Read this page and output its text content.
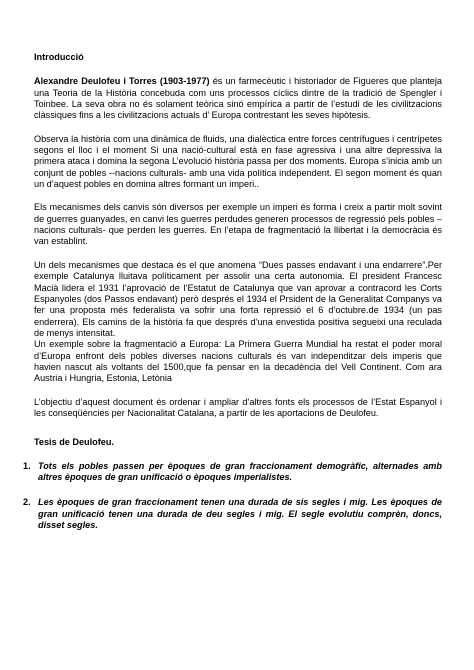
Introducció

Alexandre Deulofeu i Torres (1903-1977) és un farmecèutic i historiador de Figueres que planteja una Teoria de la Història concebuda com uns processos cíclics dintre de la tradició de Spengler i Toinbee. La seva obra no és solament teòrica sinó empírica a partir de l’estudi de les civilitzacions clàssiques fins a les civilitzacions actuals d’ Europa contrestant les seves hipòtesis.

Observa la història com una dinàmica de fluids, una dialèctica entre forces centrífugues i centrípetes segons el lloc i el moment Si una nació-cultural està en fase agressiva i una altre depressiva la primera ataca i domina la segona L’evolució història passa per dos moments. Europa s’inicia amb un conjunt de pobles --nacions culturals- amb una vida política independent. El segon moment és quan un d’aquest pobles en domina altres formant un imperi..

Els mecanismes dels canvis són diversos per exemple un imperi és forma i creix a partir molt sovint de guerres guanyades, en canvi les guerres perdudes generen processos de regressió pels pobles –nacions culturals- que perden les guerres. En l’etapa de fragmentació la llibertat i la democràcia és van establint.

Un dels mecanismes que destaca és el que anomena “Dues passes endavant i una endarrere”.Per exemple Catalunya lluitava políticament per assolir una certa autonomia. El president Francesc Macià lidera el 1931 l’aprovació de l’Estatut de Catalunya que van aprovar a contracord les Corts Espanyoles (dos Passos endavant) però després el 1934 el Prsident de la Generalitat Companys va fer una proposta més federalista va sofrir una forta repressió el 6 d’octubre.de 1934 (un pas enderrera). Els camins de la història fa que després d’una envestida positiva segueixi una reculada de menys intensitat.

Un exemple sobre la fragmentació a Europa: La Primera Guerra Mundial ha restat el poder moral d’Europa enfront dels pobles diverses nacions culturals és van independitzar dels imperis que havien nascut als voltants del 1500,que fa pensar en la decadència del Vell Continent. Com ara Austria i Hungria, Estonia, Letònia

L’objectiu d’aquest document és ordenar i ampliar d’altres fonts els processos de l’Estat Espanyol i les conseqüències per Nacionalitat Catalana, a partir de les aportacions de Deulofeu.

Tesis de Deulofeu.
1. Tots els pobles passen per èpoques de gran fraccionament demogràfic, alternades amb altres èpoques de gran unificació o èpoques imperialistes.
2. Les èpoques de gran fraccionament tenen una durada de sis segles i mig. Les èpoques de gran unificació tenen una durada de deu segles i mig. El segle evolutiu comprèn, doncs, disset segles.
